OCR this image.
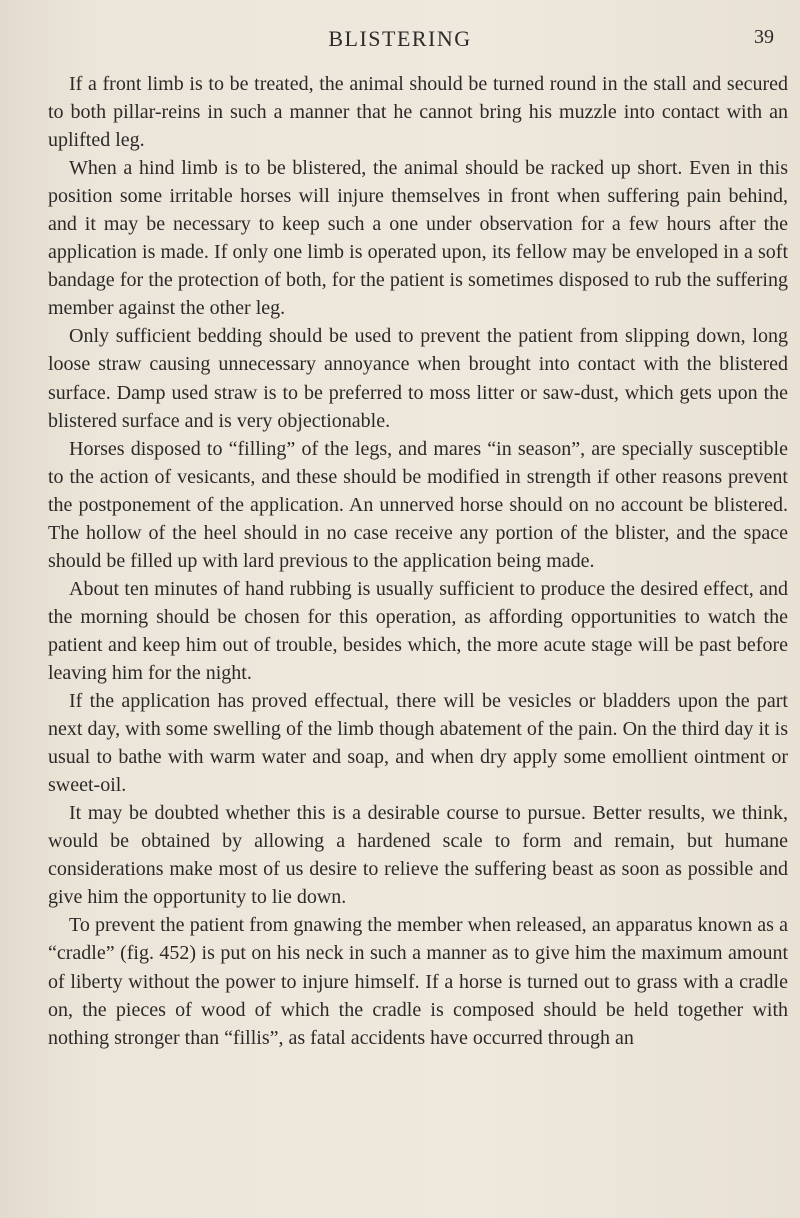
BLISTERING	39

If a front limb is to be treated, the animal should be turned round in the stall and secured to both pillar-reins in such a manner that he cannot bring his muzzle into contact with an uplifted leg.

When a hind limb is to be blistered, the animal should be racked up short. Even in this position some irritable horses will injure themselves in front when suffering pain behind, and it may be necessary to keep such a one under observation for a few hours after the application is made. If only one limb is operated upon, its fellow may be enveloped in a soft bandage for the protection of both, for the patient is sometimes disposed to rub the suffering member against the other leg.

Only sufficient bedding should be used to prevent the patient from slipping down, long loose straw causing unnecessary annoyance when brought into contact with the blistered surface. Damp used straw is to be preferred to moss litter or saw-dust, which gets upon the blistered surface and is very objectionable.

Horses disposed to “filling” of the legs, and mares “in season”, are specially susceptible to the action of vesicants, and these should be modified in strength if other reasons prevent the postponement of the application. An unnerved horse should on no account be blistered. The hollow of the heel should in no case receive any portion of the blister, and the space should be filled up with lard previous to the application being made.

About ten minutes of hand rubbing is usually sufficient to produce the desired effect, and the morning should be chosen for this operation, as affording opportunities to watch the patient and keep him out of trouble, besides which, the more acute stage will be past before leaving him for the night.

If the application has proved effectual, there will be vesicles or bladders upon the part next day, with some swelling of the limb though abatement of the pain. On the third day it is usual to bathe with warm water and soap, and when dry apply some emollient ointment or sweet-oil.

It may be doubted whether this is a desirable course to pursue. Better results, we think, would be obtained by allowing a hardened scale to form and remain, but humane considerations make most of us desire to relieve the suffering beast as soon as possible and give him the opportunity to lie down.

To prevent the patient from gnawing the member when released, an apparatus known as a “cradle” (fig. 452) is put on his neck in such a manner as to give him the maximum amount of liberty without the power to injure himself. If a horse is turned out to grass with a cradle on, the pieces of wood of which the cradle is composed should be held together with nothing stronger than “fillis”, as fatal accidents have occurred through an
